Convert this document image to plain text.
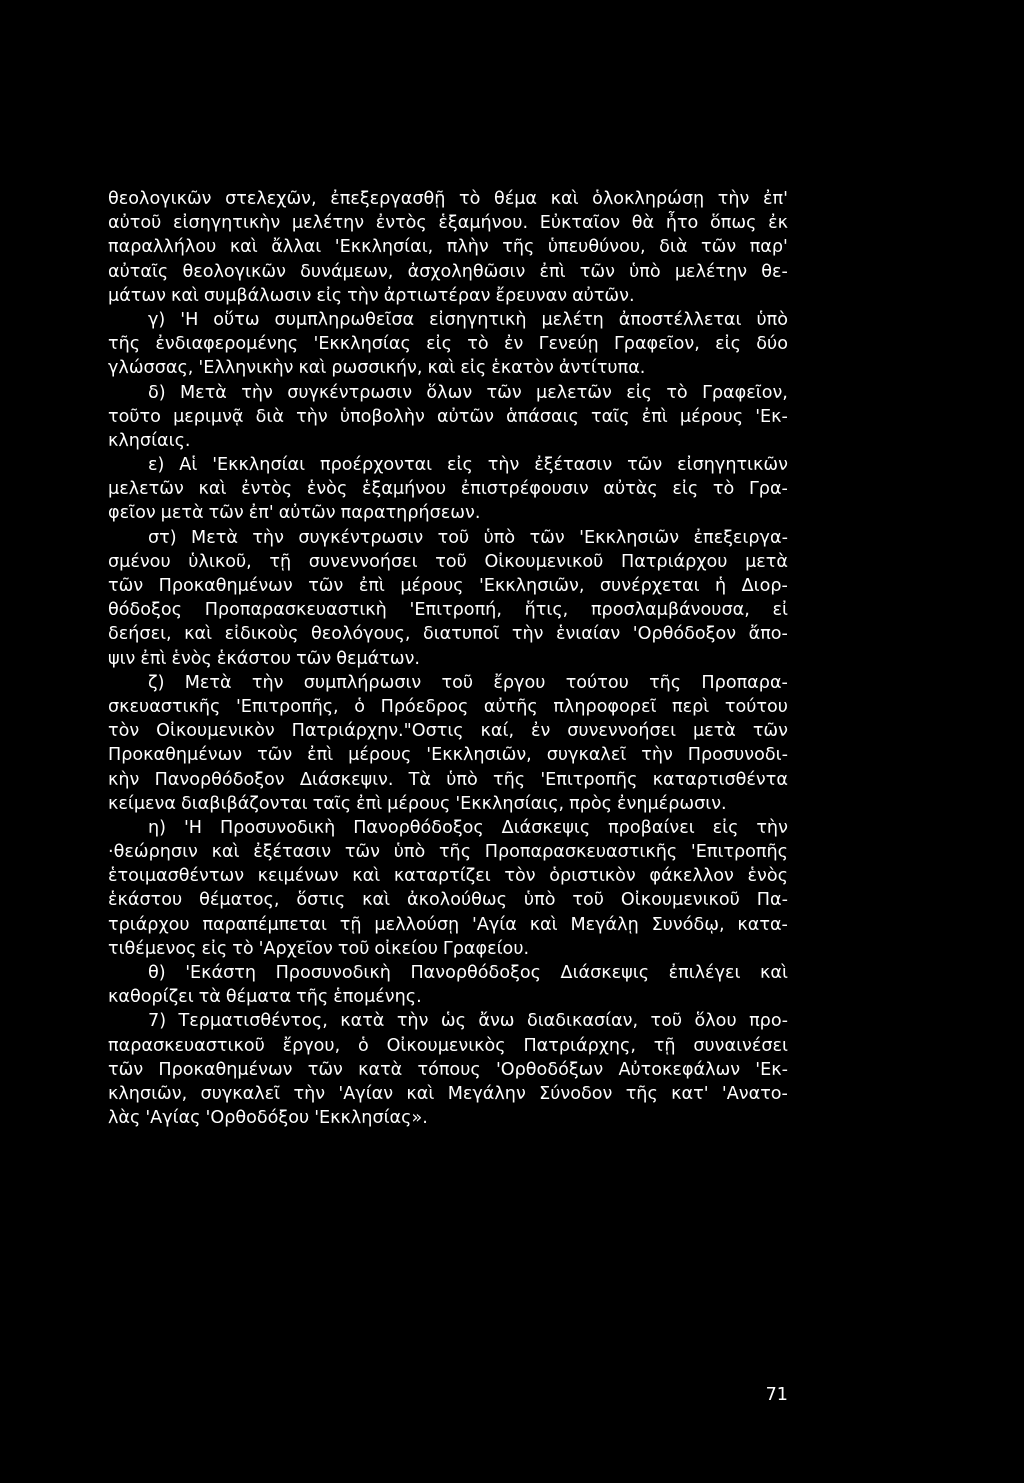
θεολογικῶν στελεχῶν, ἐπεξεργασθῇ τὸ θέμα καὶ ὁλοκληρώσῃ τὴν ἐπ'
αὐτοῦ εἰσηγητικὴν μελέτην ἐντὸς ἑξαμήνου. Εὐκταῖον θὰ ἦτο ὅπως ἐκ
παραλλήλου καὶ ἄλλαι 'Εκκλησίαι, πλὴν τῆς ὑπευθύνου, διὰ τῶν παρ'
αὐταῖς θεολογικῶν δυνάμεων, ἀσχοληθῶσιν ἐπὶ τῶν ὑπὸ μελέτην θε-
μάτων καὶ συμβάλωσιν εἰς τὴν ἀρτιωτέραν ἔρευναν αὐτῶν.
γ) 'Η οὕτω συμπληρωθεῖσα εἰσηγητικὴ μελέτη ἀποστέλλεται ὑπὸ
τῆς ἐνδιαφερομένης 'Εκκλησίας εἰς τὸ ἐν Γενεύῃ Γραφεῖον, εἰς δύο
γλώσσας, 'Ελληνικὴν καὶ ρωσσικήν, καὶ εἰς ἑκατὸν ἀντίτυπα.
δ) Μετὰ τὴν συγκέντρωσιν ὅλων τῶν μελετῶν εἰς τὸ Γραφεῖον,
τοῦτο μεριμνᾷ διὰ τὴν ὑποβολὴν αὐτῶν ἁπάσαις ταῖς ἐπὶ μέρους 'Εκ-
κλησίαις.
ε) Αἱ 'Εκκλησίαι προέρχονται εἰς τὴν ἐξέτασιν τῶν εἰσηγητικῶν
μελετῶν καὶ ἐντὸς ἑνὸς ἑξαμήνου ἐπιστρέφουσιν αὐτὰς εἰς τὸ Γρα-
φεῖον μετὰ τῶν ἐπ' αὐτῶν παρατηρήσεων.
στ) Μετὰ τὴν συγκέντρωσιν τοῦ ὑπὸ τῶν 'Εκκλησιῶν ἐπεξειργα-
σμένου ὑλικοῦ, τῇ συνεννοήσει τοῦ Οἰκουμενικοῦ Πατριάρχου μετὰ
τῶν Προκαθημένων τῶν ἐπὶ μέρους 'Εκκλησιῶν, συνέρχεται ἡ Διορ-
θόδοξος Προπαρασκευαστικὴ 'Επιτροπή, ἥτις, προσλαμβάνουσα, εἰ
δεήσει, καὶ εἰδικοὺς θεολόγους, διατυποῖ τὴν ἑνιαίαν 'Ορθόδοξον ἄπο-
ψιν ἐπὶ ἑνὸς ἑκάστου τῶν θεμάτων.
ζ) Μετὰ τὴν συμπλήρωσιν τοῦ ἔργου τούτου τῆς Προπαρα-
σκευαστικῆς 'Επιτροπῆς, ὁ Πρόεδρος αὐτῆς πληροφορεῖ περὶ τούτου
τὸν Οἰκουμενικὸν Πατριάρχην."Οστις καί, ἐν συνεννοήσει μετὰ τῶν
Προκαθημένων τῶν ἐπὶ μέρους 'Εκκλησιῶν, συγκαλεῖ τὴν Προσυνοδι-
κὴν Πανορθόδοξον Διάσκεψιν. Τὰ ὑπὸ τῆς 'Επιτροπῆς καταρτισθέντα
κείμενα διαβιβάζονται ταῖς ἐπὶ μέρους 'Εκκλησίαις, πρὸς ἐνημέρωσιν.
η) 'Η Προσυνοδικὴ Πανορθόδοξος Διάσκεψις προβαίνει εἰς τὴν
·θεώρησιν καὶ ἐξέτασιν τῶν ὑπὸ τῆς Προπαρασκευαστικῆς 'Επιτροπῆς
ἑτοιμασθέντων κειμένων καὶ καταρτίζει τὸν ὁριστικὸν φάκελλον ἑνὸς
ἑκάστου θέματος, ὅστις καὶ ἀκολούθως ὑπὸ τοῦ Οἰκουμενικοῦ Πα-
τριάρχου παραπέμπεται τῇ μελλούσῃ 'Αγία καὶ Μεγάλῃ Συνόδῳ, κατα-
τιθέμενος εἰς τὸ 'Αρχεῖον τοῦ οἰκείου Γραφείου.
θ) 'Εκάστη Προσυνοδικὴ Πανορθόδοξος Διάσκεψις ἐπιλέγει καὶ
καθορίζει τὰ θέματα τῆς ἑπομένης.
7) Τερματισθέντος, κατὰ τὴν ὡς ἄνω διαδικασίαν, τοῦ ὅλου προ-
παρασκευαστικοῦ ἔργου, ὁ Οἰκουμενικὸς Πατριάρχης, τῇ συναινέσει
τῶν Προκαθημένων τῶν κατὰ τόπους 'Ορθοδόξων Αὐτοκεφάλων 'Εκ-
κλησιῶν, συγκαλεῖ τὴν 'Αγίαν καὶ Μεγάλην Σύνοδον τῆς κατ' 'Ανατο-
λὰς 'Αγίας 'Ορθοδόξου 'Εκκλησίας».
71
